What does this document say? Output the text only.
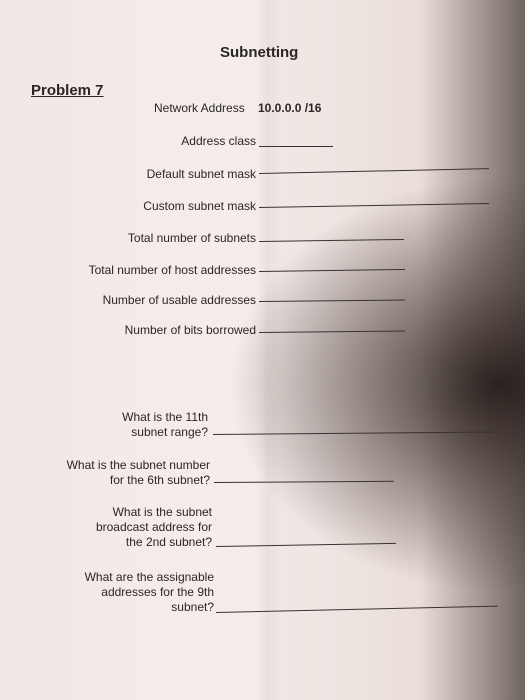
Subnetting
Problem 7
Network Address 10.0.0.0 /16
Address class
Default subnet mask
Custom subnet mask
Total number of subnets
Total number of host addresses
Number of usable addresses
Number of bits borrowed
What is the 11th
subnet range?
What is the subnet number
for the 6th subnet?
What is the subnet
broadcast address for
the 2nd subnet?
What are the assignable
addresses for the 9th
subnet?
